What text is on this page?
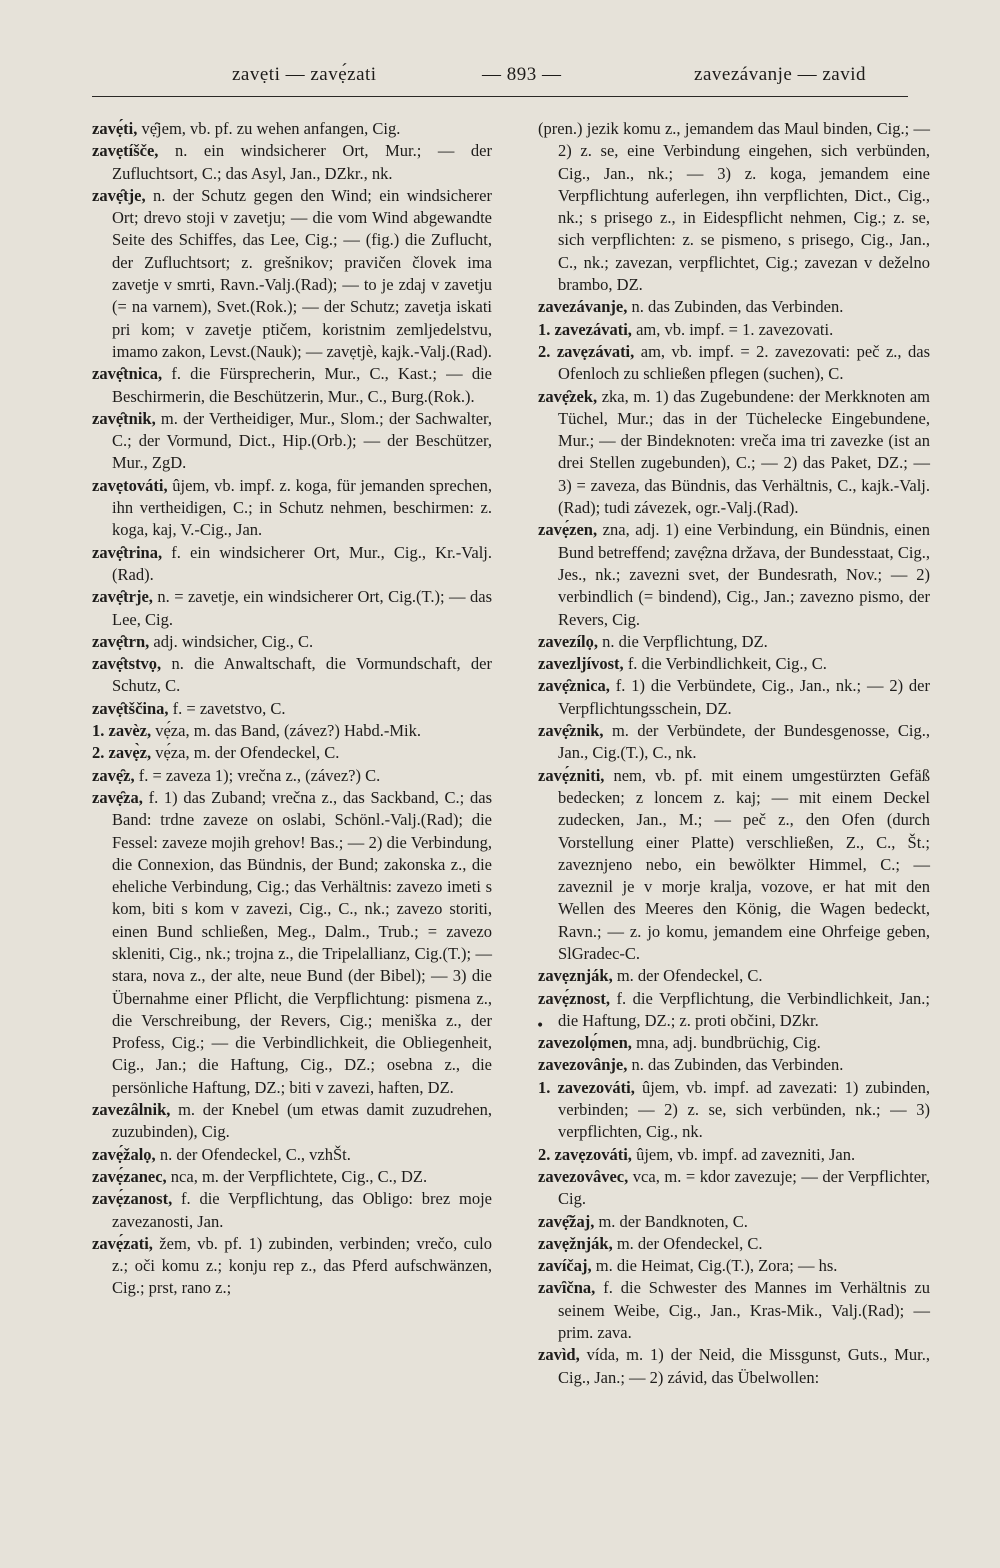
zavẹti — zavẹ́zati	— 893 —	zavezávanje — zavid

zavẹ́ti, vẹ̑jem, vb. pf. zu wehen anfangen, Cig.

zavẹtíšče, n. ein windsicherer Ort, Mur.; — der Zufluchtsort, C.; das Asyl, Jan., DZkr., nk.

zavẹ̑tje, n. der Schutz gegen den Wind; ein windsicherer Ort; drevo stoji v zavetju; — die vom Wind abgewandte Seite des Schiffes, das Lee, Cig.; — (fig.) die Zuflucht, der Zufluchtsort; z. grešnikov; pravičen človek ima zavetje v smrti, Ravn.-Valj.(Rad); — to je zdaj v zavetju (= na varnem), Svet.(Rok.); — der Schutz; zavetja iskati pri kom; v zavetje ptičem, koristnim zemljedelstvu, imamo zakon, Levst.(Nauk); — zavẹtjè, kajk.-Valj.(Rad).

zavẹ̑tnica, f. die Fürsprecherin, Mur., C., Kast.; — die Beschirmerin, die Beschützerin, Mur., C., Burg.(Rok.).

zavẹ̑tnik, m. der Vertheidiger, Mur., Slom.; der Sachwalter, C.; der Vormund, Dict., Hip.(Orb.); — der Beschützer, Mur., ZgD.

zavẹtováti, ûjem, vb. impf. z. koga, für jemanden sprechen, ihn vertheidigen, C.; in Schutz nehmen, beschirmen: z. koga, kaj, V.-Cig., Jan.

zavẹ̑trina, f. ein windsicherer Ort, Mur., Cig., Kr.-Valj.(Rad).

zavẹ̑trje, n. = zavetje, ein windsicherer Ort, Cig.(T.); — das Lee, Cig.

zavẹ̑trn, adj. windsicher, Cig., C.

zavẹ̑tstvọ, n. die Anwaltschaft, die Vormundschaft, der Schutz, C.

zavẹ̑tščina, f. = zavetstvo, C.

1. zavèz, vẹ́za, m. das Band, (závez?) Habd.-Mik.

2. zavẹ̀z, vẹ́za, m. der Ofendeckel, C.

zavẹ̑z, f. = zaveza 1); vrečna z., (závez?) C.

zavẹ̑za, f. 1) das Zuband; vrečna z., das Sackband, C.; das Band: trdne zaveze on oslabi, Schönl.-Valj.(Rad); die Fessel: zaveze mojih grehov! Bas.; — 2) die Verbindung, die Connexion, das Bündnis, der Bund; zakonska z., die eheliche Verbindung, Cig.; das Verhältnis: zavezo imeti s kom, biti s kom v zavezi, Cig., C., nk.; zavezo storiti, einen Bund schließen, Meg., Dalm., Trub.; = zavezo skleniti, Cig., nk.; trojna z., die Tripelallianz, Cig.(T.); — stara, nova z., der alte, neue Bund (der Bibel); — 3) die Übernahme einer Pflicht, die Verpflichtung: pismena z., die Verschreibung, der Revers, Cig.; meniška z., der Profess, Cig.; — die Verbindlichkeit, die Obliegenheit, Cig., Jan.; die Haftung, Cig., DZ.; osebna z., die persönliche Haftung, DZ.; biti v zavezi, haften, DZ.

zavezȃlnik, m. der Knebel (um etwas damit zuzudrehen, zuzubinden), Cig.

zavẹ́žalọ, n. der Ofendeckel, C., vzhŠt.

zavẹ́zanec, nca, m. der Verpflichtete, Cig., C., DZ.

zavẹ́zanost, f. die Verpflichtung, das Obligo: brez moje zavezanosti, Jan.

zavẹ́zati, žem, vb. pf. 1) zubinden, verbinden; vrečo, culo z.; oči komu z.; konju rep z., das Pferd aufschwänzen, Cig.; prst, rano z.;

(pren.) jezik komu z., jemandem das Maul binden, Cig.; — 2) z. se, eine Verbindung eingehen, sich verbünden, Cig., Jan., nk.; — 3) z. koga, jemandem eine Verpflichtung auferlegen, ihn verpflichten, Dict., Cig., nk.; s prisego z., in Eidespflicht nehmen, Cig.; z. se, sich verpflichten: z. se pismeno, s prisego, Cig., Jan., C., nk.; zavezan, verpflichtet, Cig.; zavezan v deželno brambo, DZ.

zavezávanje, n. das Zubinden, das Verbinden.

1. zavezávati, am, vb. impf. = 1. zavezovati.

2. zavẹzávati, am, vb. impf. = 2. zavezovati: peč z., das Ofenloch zu schließen pflegen (suchen), C.

zavẹ̑zek, zka, m. 1) das Zugebundene: der Merkknoten am Tüchel, Mur.; das in der Tüchelecke Eingebundene, Mur.; — der Bindeknoten: vreča ima tri zavezke (ist an drei Stellen zugebunden), C.; — 2) das Paket, DZ.; — 3) = zaveza, das Bündnis, das Verhältnis, C., kajk.-Valj.(Rad); tudi závezek, ogr.-Valj.(Rad).

zavẹ́zen, zna, adj. 1) eine Verbindung, ein Bündnis, einen Bund betreffend; zavẹ̑zna država, der Bundesstaat, Cig., Jes., nk.; zavezni svet, der Bundesrath, Nov.; — 2) verbindlich (= bindend), Cig., Jan.; zavezno pismo, der Revers, Cig.

zavezílọ, n. die Verpflichtung, DZ.

zavezljívost, f. die Verbindlichkeit, Cig., C.

zavẹ̑znica, f. 1) die Verbündete, Cig., Jan., nk.; — 2) der Verpflichtungsschein, DZ.

zavẹ̑znik, m. der Verbündete, der Bundesgenosse, Cig., Jan., Cig.(T.), C., nk.

zavẹ́zniti, nem, vb. pf. mit einem umgestürzten Gefäß bedecken; z loncem z. kaj; — mit einem Deckel zudecken, Jan., M.; — peč z., den Ofen (durch Vorstellung einer Platte) verschließen, Z., C., Št.; zaveznjeno nebo, ein bewölkter Himmel, C.; — zaveznil je v morje kralja, vozove, er hat mit den Wellen des Meeres den König, die Wagen bedeckt, Ravn.; — z. jo komu, jemandem eine Ohrfeige geben, SlGradec-C.

zavẹznják, m. der Ofendeckel, C.

zavẹ́znost, f. die Verpflichtung, die Verbindlichkeit, Jan.; die Haftung, DZ.; z. proti občini, DZkr.

zavezolọ́men, mna, adj. bundbrüchig, Cig.

zavezovȃnje, n. das Zubinden, das Verbinden.

1. zavezováti, ûjem, vb. impf. ad zavezati: 1) zubinden, verbinden; — 2) z. se, sich verbünden, nk.; — 3) verpflichten, Cig., nk.

2. zavẹzováti, ûjem, vb. impf. ad zavezniti, Jan.

zavezovȃvec, vca, m. = kdor zavezuje; — der Verpflichter, Cig.

zavẹ̑žaj, m. der Bandknoten, C.

zavẹžnják, m. der Ofendeckel, C.

zavíčaj, m. die Heimat, Cig.(T.), Zora; — hs.

zavȋčna, f. die Schwester des Mannes im Verhältnis zu seinem Weibe, Cig., Jan., Kras-Mik., Valj.(Rad); — prim. zava.

zavìd, vída, m. 1) der Neid, die Missgunst, Guts., Mur., Cig., Jan.; — 2) závid, das Übelwollen:

•
